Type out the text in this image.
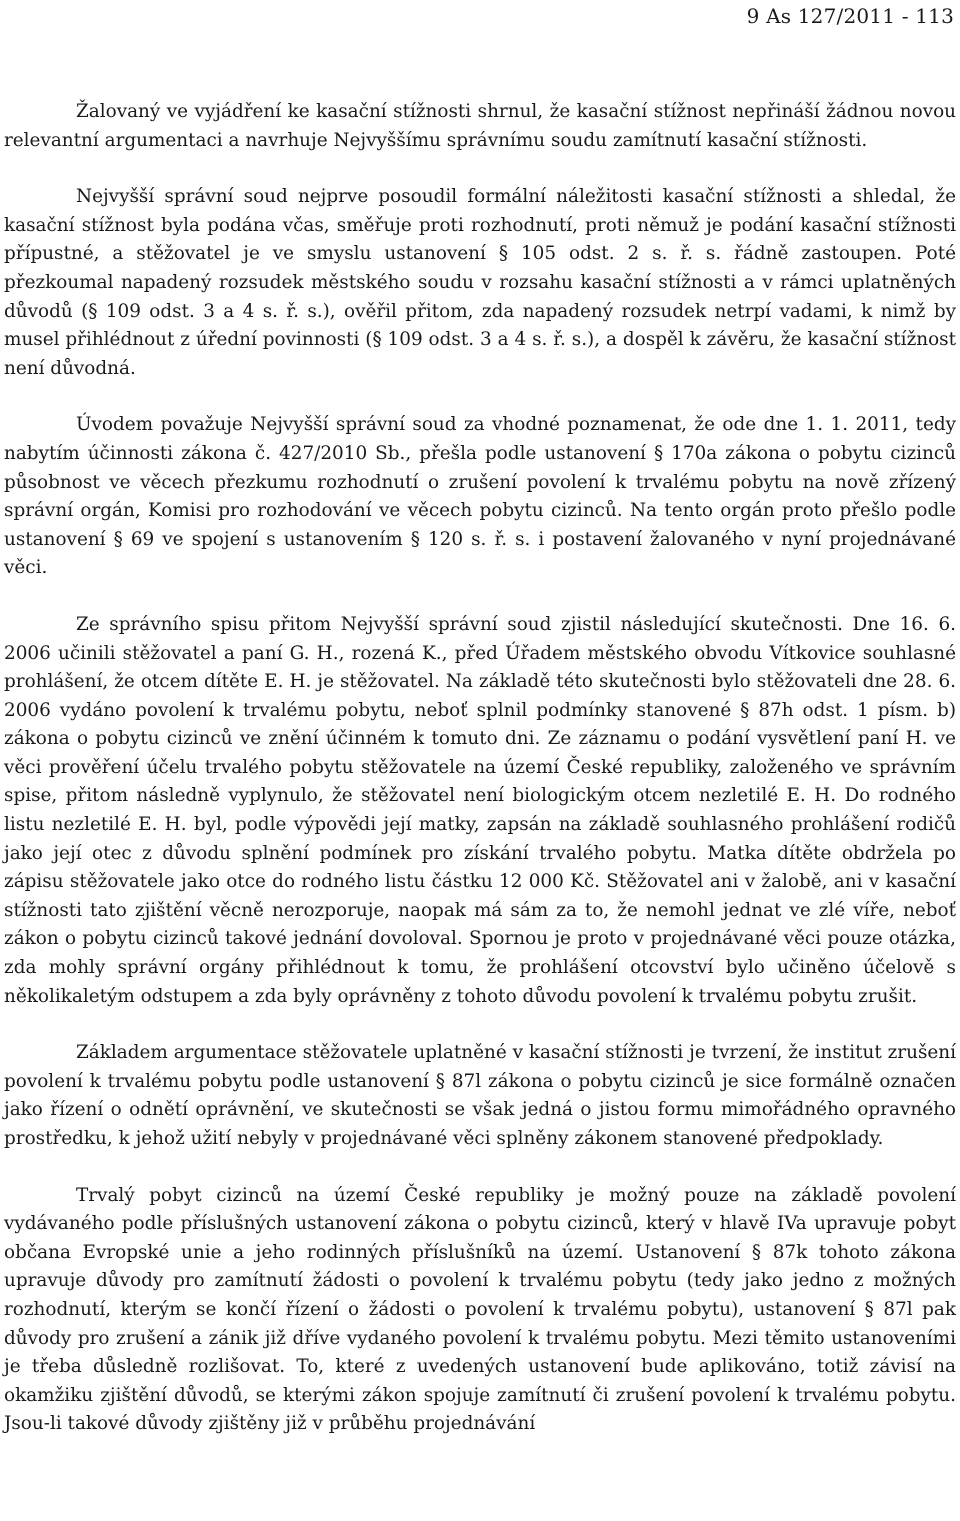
9 As 127/2011 - 113

Žalovaný ve vyjádření ke kasační stížnosti shrnul, že kasační stížnost nepřináší žádnou novou relevantní argumentaci a navrhuje Nejvyššímu správnímu soudu zamítnutí kasační stížnosti.

Nejvyšší správní soud nejprve posoudil formální náležitosti kasační stížnosti a shledal, že kasační stížnost byla podána včas, směřuje proti rozhodnutí, proti němuž je podání kasační stížnosti přípustné, a stěžovatel je ve smyslu ustanovení § 105 odst. 2 s. ř. s. řádně zastoupen. Poté přezkoumal napadený rozsudek městského soudu v rozsahu kasační stížnosti a v rámci uplatněných důvodů (§ 109 odst. 3 a 4 s. ř. s.), ověřil přitom, zda napadený rozsudek netrpí vadami, k nimž by musel přihlédnout z úřední povinnosti (§ 109 odst. 3 a 4 s. ř. s.), a dospěl k závěru, že kasační stížnost není důvodná.

Úvodem považuje Nejvyšší správní soud za vhodné poznamenat, že ode dne 1. 1. 2011, tedy nabytím účinnosti zákona č. 427/2010 Sb., přešla podle ustanovení § 170a zákona o pobytu cizinců působnost ve věcech přezkumu rozhodnutí o zrušení povolení k trvalému pobytu na nově zřízený správní orgán, Komisi pro rozhodování ve věcech pobytu cizinců. Na tento orgán proto přešlo podle ustanovení § 69 ve spojení s ustanovením § 120 s. ř. s. i postavení žalovaného v nyní projednávané věci.

Ze správního spisu přitom Nejvyšší správní soud zjistil následující skutečnosti. Dne 16. 6. 2006 učinili stěžovatel a paní G. H., rozená K., před Úřadem městského obvodu Vítkovice souhlasné prohlášení, že otcem dítěte E. H. je stěžovatel. Na základě této skutečnosti bylo stěžovateli dne 28. 6. 2006 vydáno povolení k trvalému pobytu, neboť splnil podmínky stanovené § 87h odst. 1 písm. b) zákona o pobytu cizinců ve znění účinném k tomuto dni. Ze záznamu o podání vysvětlení paní H. ve věci prověření účelu trvalého pobytu stěžovatele na území České republiky, založeného ve správním spise, přitom následně vyplynulo, že stěžovatel není biologickým otcem nezletilé E. H. Do rodného listu nezletilé E. H. byl, podle výpovědi její matky, zapsán na základě souhlasného prohlášení rodičů jako její otec z důvodu splnění podmínek pro získání trvalého pobytu. Matka dítěte obdržela po zápisu stěžovatele jako otce do rodného listu částku 12 000 Kč. Stěžovatel ani v žalobě, ani v kasační stížnosti tato zjištění věcně nerozporuje, naopak má sám za to, že nemohl jednat ve zlé víře, neboť zákon o pobytu cizinců takové jednání dovoloval. Spornou je proto v projednávané věci pouze otázka, zda mohly správní orgány přihlédnout k tomu, že prohlášení otcovství bylo učiněno účelově s několikaletým odstupem a zda byly oprávněny z tohoto důvodu povolení k trvalému pobytu zrušit.

Základem argumentace stěžovatele uplatněné v kasační stížnosti je tvrzení, že institut zrušení povolení k trvalému pobytu podle ustanovení § 87l zákona o pobytu cizinců je sice formálně označen jako řízení o odnětí oprávnění, ve skutečnosti se však jedná o jistou formu mimořádného opravného prostředku, k jehož užití nebyly v projednávané věci splněny zákonem stanovené předpoklady.

Trvalý pobyt cizinců na území České republiky je možný pouze na základě povolení vydávaného podle příslušných ustanovení zákona o pobytu cizinců, který v hlavě IVa upravuje pobyt občana Evropské unie a jeho rodinných příslušníků na území. Ustanovení § 87k tohoto zákona upravuje důvody pro zamítnutí žádosti o povolení k trvalému pobytu (tedy jako jedno z možných rozhodnutí, kterým se končí řízení o žádosti o povolení k trvalému pobytu), ustanovení § 87l pak důvody pro zrušení a zánik již dříve vydaného povolení k trvalému pobytu. Mezi těmito ustanoveními je třeba důsledně rozlišovat. To, které z uvedených ustanovení bude aplikováno, totiž závisí na okamžiku zjištění důvodů, se kterými zákon spojuje zamítnutí či zrušení povolení k trvalému pobytu. Jsou-li takové důvody zjištěny již v průběhu projednávání
